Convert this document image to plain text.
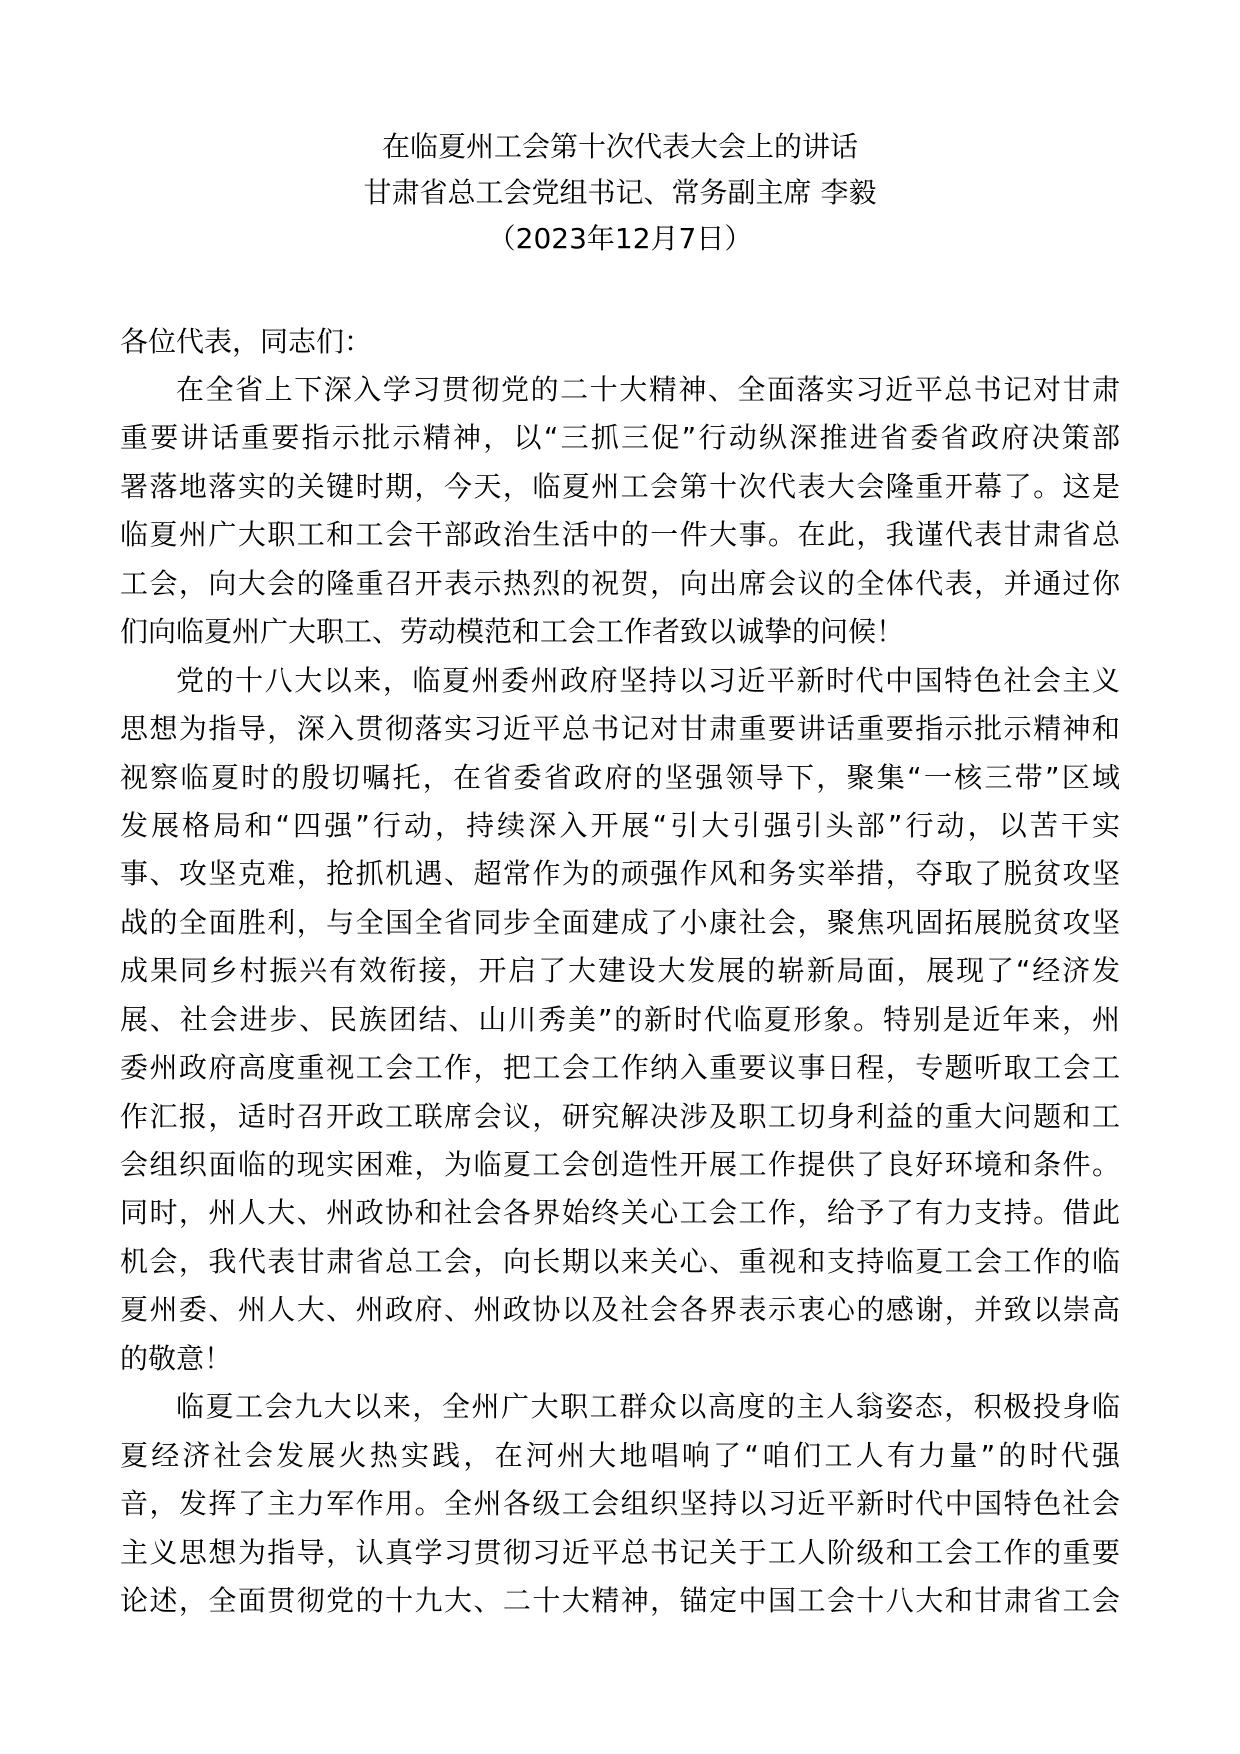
在临夏州工会第十次代表大会上的讲话
甘肃省总工会党组书记、常务副主席 李毅
（2023年12月7日）
各位代表，同志们：
在全省上下深入学习贯彻党的二十大精神、全面落实习近平总书记对甘肃
重要讲话重要指示批示精神，以“三抓三促”行动纵深推进省委省政府决策部
署落地落实的关键时期，今天，临夏州工会第十次代表大会隆重开幕了。这是
临夏州广大职工和工会干部政治生活中的一件大事。在此，我谨代表甘肃省总
工会，向大会的隆重召开表示热烈的祝贺，向出席会议的全体代表，并通过你
们向临夏州广大职工、劳动模范和工会工作者致以诚挚的问候！
党的十八大以来，临夏州委州政府坚持以习近平新时代中国特色社会主义
思想为指导，深入贯彻落实习近平总书记对甘肃重要讲话重要指示批示精神和
视察临夏时的殷切嘱托，在省委省政府的坚强领导下，聚集“一核三带”区域
发展格局和“四强”行动，持续深入开展“引大引强引头部”行动，以苦干实
事、攻坚克难，抢抓机遇、超常作为的顽强作风和务实举措，夺取了脱贫攻坚
战的全面胜利，与全国全省同步全面建成了小康社会，聚焦巩固拓展脱贫攻坚
成果同乡村振兴有效衔接，开启了大建设大发展的崭新局面，展现了“经济发
展、社会进步、民族团结、山川秀美”的新时代临夏形象。特别是近年来，州
委州政府高度重视工会工作，把工会工作纳入重要议事日程，专题听取工会工
作汇报，适时召开政工联席会议，研究解决涉及职工切身利益的重大问题和工
会组织面临的现实困难，为临夏工会创造性开展工作提供了良好环境和条件。
同时，州人大、州政协和社会各界始终关心工会工作，给予了有力支持。借此
机会，我代表甘肃省总工会，向长期以来关心、重视和支持临夏工会工作的临
夏州委、州人大、州政府、州政协以及社会各界表示衷心的感谢，并致以崇高
的敬意！
临夏工会九大以来，全州广大职工群众以高度的主人翁姿态，积极投身临
夏经济社会发展火热实践，在河州大地唱响了“咱们工人有力量”的时代强
音，发挥了主力军作用。全州各级工会组织坚持以习近平新时代中国特色社会
主义思想为指导，认真学习贯彻习近平总书记关于工人阶级和工会工作的重要
论述，全面贯彻党的十九大、二十大精神，锚定中国工会十八大和甘肃省工会
